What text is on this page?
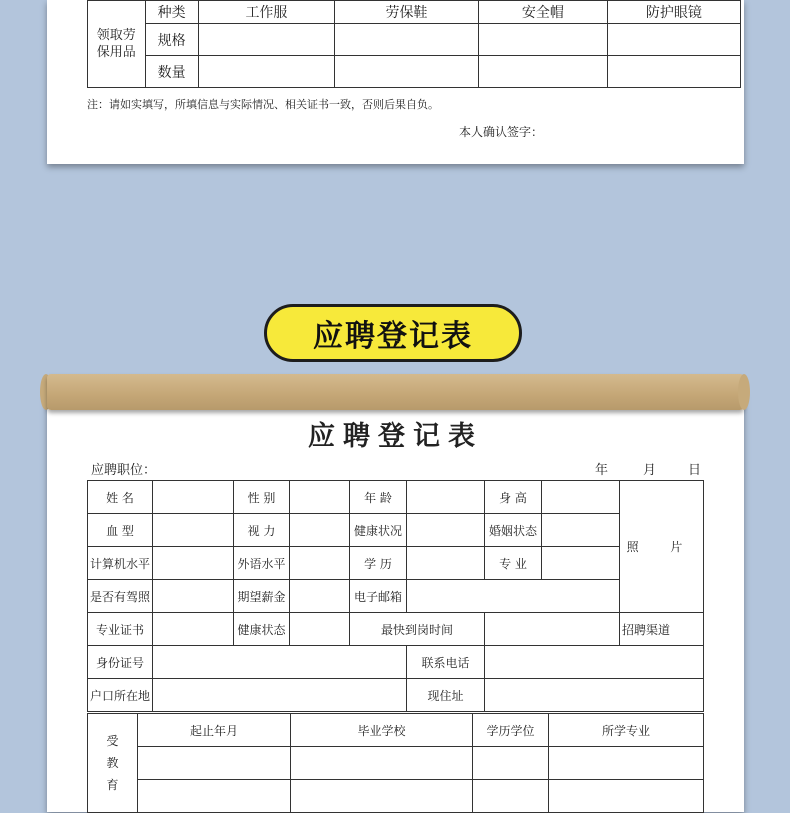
领取劳保用品	种类	工作服	劳保鞋	安全帽	防护眼镜
	规格				
	数量				
注：请如实填写，所填信息与实际情况、相关证书一致，否则后果自负。
本人确认签字：
应聘登记表
应聘登记表
应聘职位：	年	月 日
姓 名		性 别		年 龄		身 高		照 片
血 型		视 力		健康状况		婚姻状态		
计算机水平		外语水平		学 历		专 业		
是否有驾照		期望薪金		电子邮箱				
专业证书		健康状态		最快到岗时间				招聘渠道
身份证号					联系电话			
户口所在地					现住址			
受
教
育	起止年月	毕业学校	学历学位	所学专业
